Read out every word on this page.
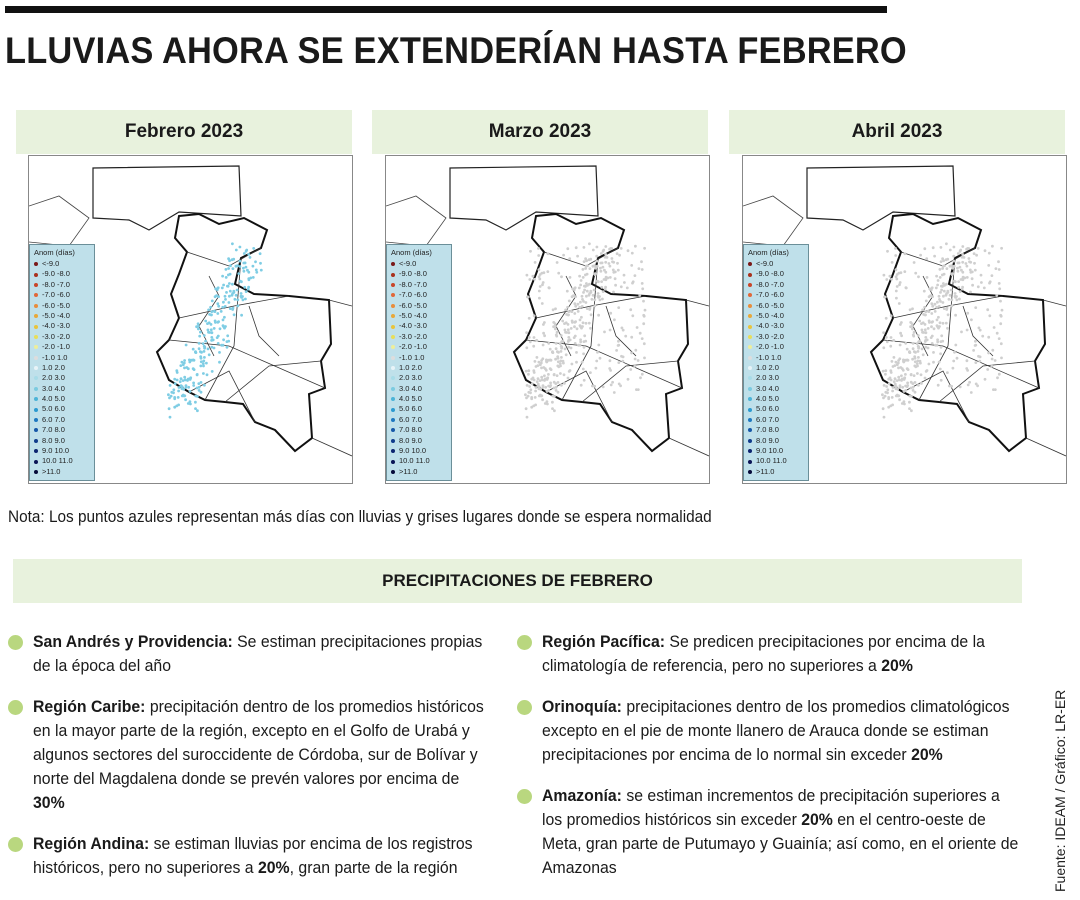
LLUVIAS AHORA SE EXTENDERÍAN HASTA FEBRERO
Febrero 2023
Anom (días)
<-9.0
-9.0 -8.0
-8.0 -7.0
-7.0 -6.0
-6.0 -5.0
-5.0 -4.0
-4.0 -3.0
-3.0 -2.0
-2.0 -1.0
-1.0 1.0
1.0 2.0
2.0 3.0
3.0 4.0
4.0 5.0
5.0 6.0
6.0 7.0
7.0 8.0
8.0 9.0
9.0 10.0
10.0 11.0
>11.0
Marzo 2023
Anom (días)
<-9.0
-9.0 -8.0
-8.0 -7.0
-7.0 -6.0
-6.0 -5.0
-5.0 -4.0
-4.0 -3.0
-3.0 -2.0
-2.0 -1.0
-1.0 1.0
1.0 2.0
2.0 3.0
3.0 4.0
4.0 5.0
5.0 6.0
6.0 7.0
7.0 8.0
8.0 9.0
9.0 10.0
10.0 11.0
>11.0
Abril 2023
Anom (días)
<-9.0
-9.0 -8.0
-8.0 -7.0
-7.0 -6.0
-6.0 -5.0
-5.0 -4.0
-4.0 -3.0
-3.0 -2.0
-2.0 -1.0
-1.0 1.0
1.0 2.0
2.0 3.0
3.0 4.0
4.0 5.0
5.0 6.0
6.0 7.0
7.0 8.0
8.0 9.0
9.0 10.0
10.0 11.0
>11.0
Nota: Los puntos azules representan más días con lluvias y grises lugares donde se espera normalidad
PRECIPITACIONES DE FEBRERO
San Andrés y Providencia: Se estiman precipitaciones propias de la época del año
Región Caribe: precipitación dentro de los promedios históricos en la mayor parte de la región, excepto en el Golfo de Urabá y algunos sectores del suroccidente de Córdoba, sur de Bolívar y norte del Magdalena donde se prevén valores por encima de 30%
Región Andina: se estiman lluvias por encima de los registros históricos, pero no superiores a 20%, gran parte de la región
Región Pacífica: Se predicen precipitaciones por encima de la climatología de referencia, pero no superiores a 20%
Orinoquía: precipitaciones dentro de los promedios climatológicos excepto en el pie de monte llanero de Arauca donde se estiman precipitaciones por encima de lo normal sin exceder 20%
Amazonía: se estiman incrementos de precipitación superiores a los promedios históricos sin exceder 20% en el centro-oeste de Meta, gran parte de Putumayo y Guainía; así como, en el oriente de Amazonas	Fuente: IDEAM / Gráfico: LR-ER
